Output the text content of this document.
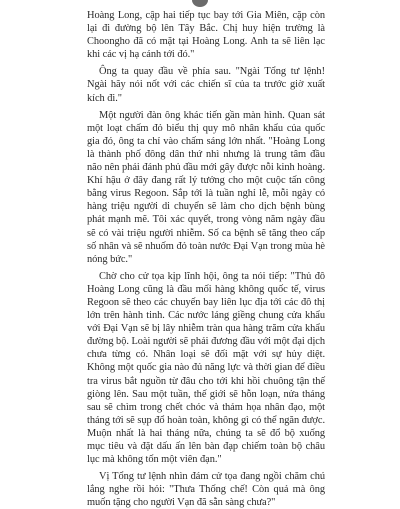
Hoàng Long, cập hai tiếp tục bay tới Gia Miên, cặp còn lại đi đường bộ lên Tây Bắc. Chị huy hiện trường là Choongho đã có mặt tại Hoàng Long. Anh ta sẽ liên lạc khi các vị hạ cánh tới đó."

Ông ta quay đầu về phía sau. "Ngài Tổng tư lệnh! Ngài hãy nói nốt với các chiến sĩ của ta trước giờ xuất kích đi."

Một người đàn ông khác tiến gần màn hình. Quan sát một loạt chấm đỏ biểu thị quy mô nhân khẩu của quốc gia đó, ông ta chỉ vào chấm sáng lớn nhất. "Hoàng Long là thành phố đông dân thứ nhì nhưng là trung tâm đầu não nên phải đánh phủ đầu mới gây được nỗi kinh hoàng. Khí hậu ở đây đang rất lý tưởng cho một cuộc tấn công bằng virus Regoon. Sắp tới là tuần nghỉ lễ, mỗi ngày có hàng triệu người di chuyển sẽ làm cho dịch bệnh bùng phát mạnh mẽ. Tôi xác quyết, trong vòng năm ngày đầu sẽ có vài triệu người nhiễm. Số ca bệnh sẽ tăng theo cấp số nhân và sẽ nhuốm đỏ toàn nước Đại Vạn trong mùa hè nóng bức."

Chờ cho cử tọa kịp lĩnh hội, ông ta nói tiếp: "Thủ đô Hoàng Long cũng là đầu mối hàng không quốc tế, virus Regoon sẽ theo các chuyến bay liên lục địa tới các đô thị lớn trên hành tinh. Các nước láng giềng chung cửa khẩu với Đại Vạn sẽ bị lây nhiễm tràn qua hàng trăm cửa khẩu đường bộ. Loài người sẽ phải đương đầu với một đại dịch chưa từng có. Nhân loại sẽ đối mặt với sự hủy diệt. Không một quốc gia nào đủ năng lực và thời gian để điều tra virus bắt nguồn từ đâu cho tới khi hồi chuông tận thế giòng lên. Sau một tuần, thế giới sẽ hỗn loạn, nửa tháng sau sẽ chìm trong chết chóc và thảm họa nhân đạo, một tháng tới sẽ sụp đổ hoàn toàn, không gì có thể ngăn được. Muộn nhất là hai tháng nữa, chúng ta sẽ đổ bộ xuống mục tiêu và đặt dấu ấn lên bàn đạp chiếm toàn bộ châu lục mà không tốn một viên đạn."

Vị Tổng tư lệnh nhìn đám cử tọa đang ngồi chăm chú lắng nghe rồi hỏi: "Thưa Thống chế! Còn quả mà ông muốn tặng cho người Vạn đã sẵn sàng chưa?"
